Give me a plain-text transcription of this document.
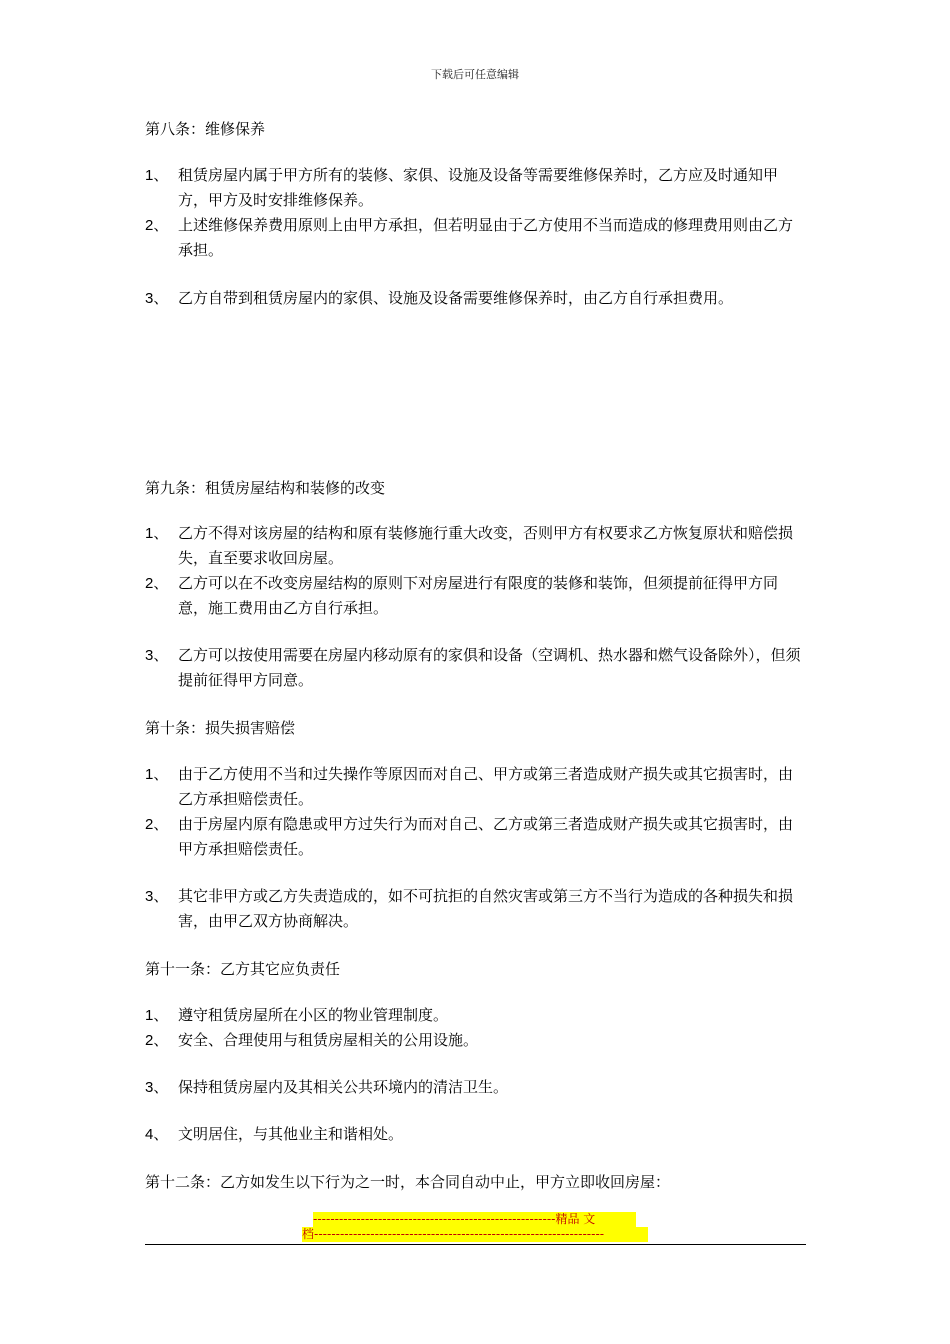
下载后可任意编辑
第八条：维修保养
1、 租赁房屋内属于甲方所有的装修、家俱、设施及设备等需要维修保养时，乙方应及时通知甲方，甲方及时安排维修保养。
2、 上述维修保养费用原则上由甲方承担，但若明显由于乙方使用不当而造成的修理费用则由乙方承担。
3、 乙方自带到租赁房屋内的家俱、设施及设备需要维修保养时，由乙方自行承担费用。
第九条：租赁房屋结构和装修的改变
1、 乙方不得对该房屋的结构和原有装修施行重大改变，否则甲方有权要求乙方恢复原状和赔偿损失，直至要求收回房屋。
2、 乙方可以在不改变房屋结构的原则下对房屋进行有限度的装修和装饰，但须提前征得甲方同意，施工费用由乙方自行承担。
3、 乙方可以按使用需要在房屋内移动原有的家俱和设备（空调机、热水器和燃气设备除外），但须提前征得甲方同意。
第十条：损失损害赔偿
1、 由于乙方使用不当和过失操作等原因而对自己、甲方或第三者造成财产损失或其它损害时，由乙方承担赔偿责任。
2、 由于房屋内原有隐患或甲方过失行为而对自己、乙方或第三者造成财产损失或其它损害时，由甲方承担赔偿责任。
3、 其它非甲方或乙方失责造成的，如不可抗拒的自然灾害或第三方不当行为造成的各种损失和损害，由甲乙双方协商解决。
第十一条：乙方其它应负责任
1、 遵守租赁房屋所在小区的物业管理制度。
2、 安全、合理使用与租赁房屋相关的公用设施。
3、 保持租赁房屋内及其相关公共环境内的清洁卫生。
4、 文明居住，与其他业主和谐相处。
第十二条：乙方如发生以下行为之一时，本合同自动中止，甲方立即收回房屋：
--------------------------------------------------------精品 文
档-------------------------------------------------------------------
